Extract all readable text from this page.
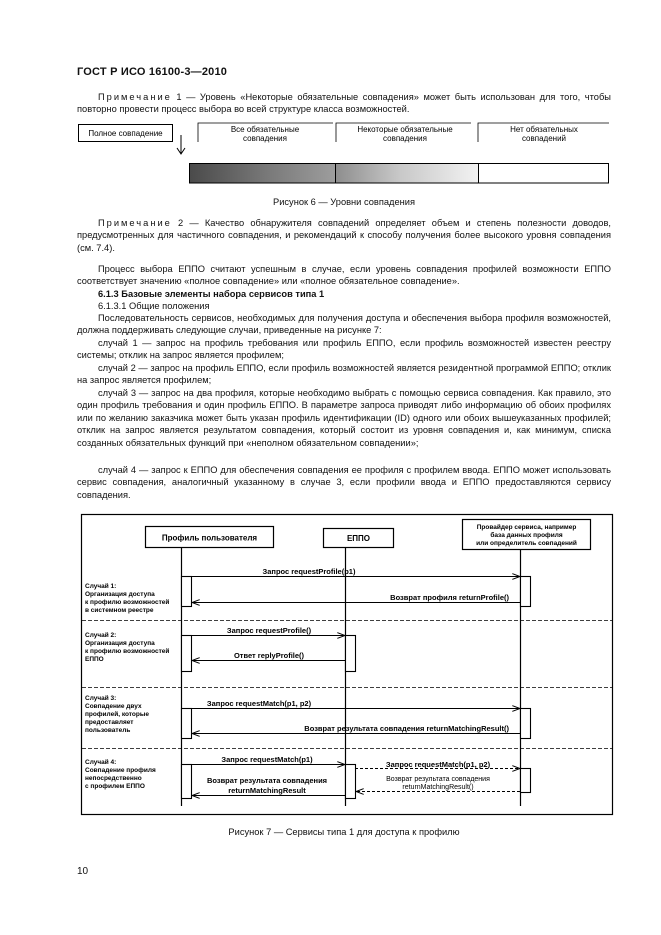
ГОСТ Р ИСО 16100-3—2010
Примечание 1 — Уровень «Некоторые обязательные совпадения» может быть использован для того, чтобы повторно провести процесс выбора во всей структуре класса возможностей.
Полное совпадение	Все обязательные
совпадения
Некоторые обязательные
совпадения
Нет обязательных
совпадений
Рисунок 6 — Уровни совпадения
Примечание 2 — Качество обнаружителя совпадений определяет объем и степень полезности доводов, предусмотренных для частичного совпадения, и рекомендаций к способу получения более высокого уровня совпадения (см. 7.4).
Процесс выбора ЕППО считают успешным в случае, если уровень совпадения профилей возможности ЕППО соответствует значению «полное совпадение» или «полное обязательное совпадение».
6.1.3 Базовые элементы набора сервисов типа 1
6.1.3.1 Общие положения
Последовательность сервисов, необходимых для получения доступа и обеспечения выбора профиля возможностей, должна поддерживать следующие случаи, приведенные на рисунке 7:
случай 1 — запрос на профиль требования или профиль ЕППО, если профиль возможностей известен реестру системы; отклик на запрос является профилем;
случай 2 — запрос на профиль ЕППО, если профиль возможностей является резидентной программой ЕППО; отклик на запрос является профилем;
случай 3 — запрос на два профиля, которые необходимо выбрать с помощью сервиса совпадения. Как правило, это один профиль требования и один профиль ЕППО. В параметре запроса приводят либо информацию об обоих профилях или по желанию заказчика может быть указан профиль идентификации (ID) одного или обоих вышеуказанных профилей; отклик на запрос является результатом совпадения, который состоит из уровня совпадения и, как минимум, списка созданных обязательных функций при «неполном обязательном совпадении»;
случай 4 — запрос к ЕППО для обеспечения совпадения ее профиля с профилем ввода. ЕППО может использовать сервис совпадения, аналогичный указанному в случае 3, если профили ввода и ЕППО предоставляются сервису совпадения.
Профиль пользователя	ЕППО
Провайдер сервиса, например
база данных профиля
или определитель совпадений
Случай 1:
Организация доступа
к профилю возможностей
в системном реестре
Запрос requestProfile(p1)
Возврат профиля returnProfile()
Случай 2:
Организация доступа
к профилю возможностей
ЕППО
Запрос requestProfile()
Ответ replyProfile()
Случай 3:
Совпадение двух
профилей, которые
предоставляет
пользователь
Запрос requestMatch(p1, p2)
Возврат результата совпадения returnMatchingResult()
Случай 4:
Совпадение профиля
непосредственно
с профилем ЕППО
Запрос requestMatch(p1)
Запрос requestMatch(p1, p2)
Возврат результата совпадения
returnMatchingResult()
Возврат результата совпадения
returnMatchingResult
Рисунок 7 — Сервисы типа 1 для доступа к профилю
10
